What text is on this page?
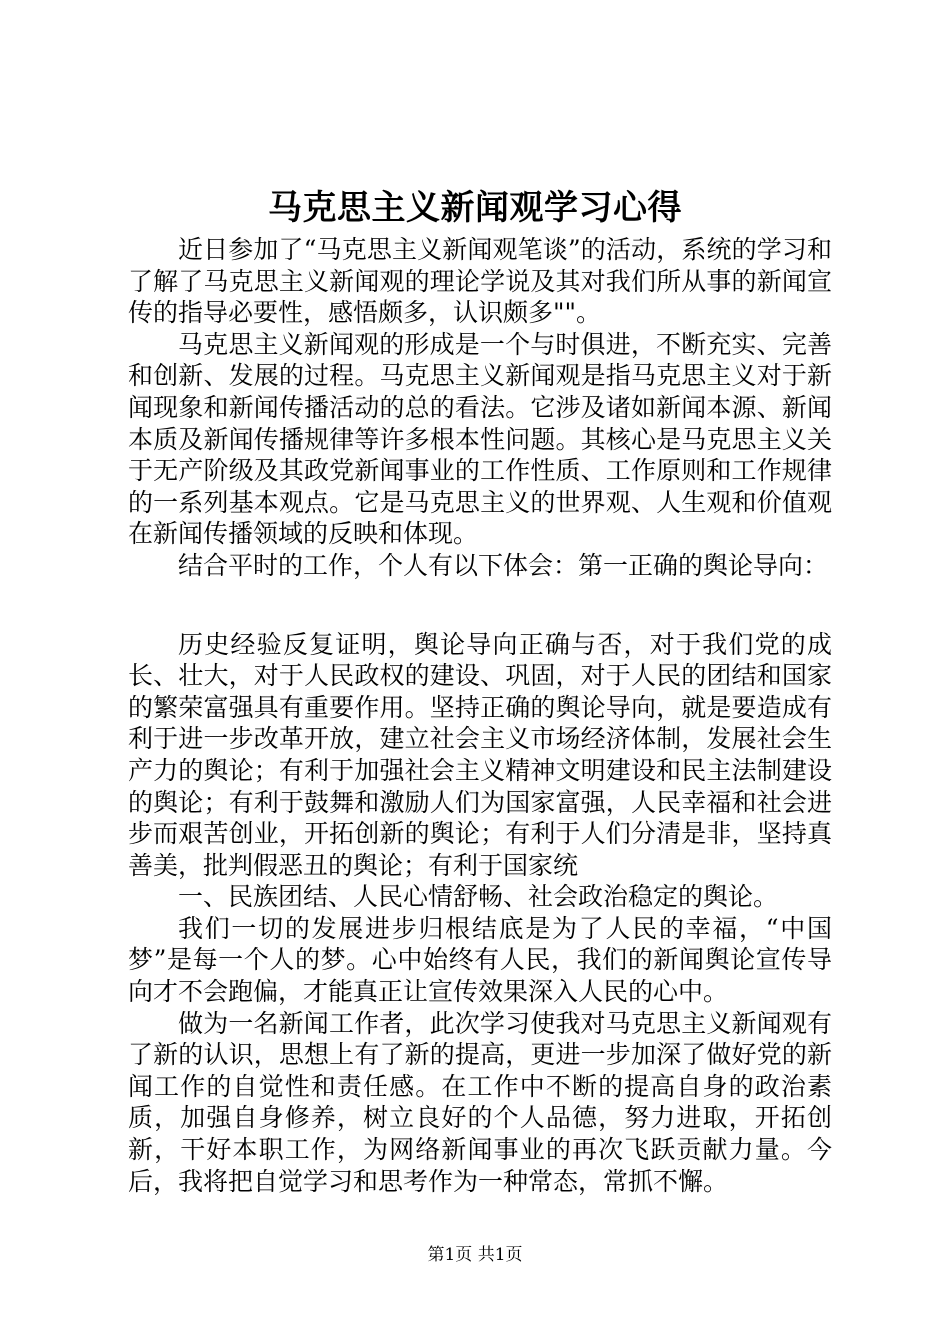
马克思主义新闻观学习心得

近日参加了“马克思主义新闻观笔谈”的活动，系统的学习和了解了马克思主义新闻观的理论学说及其对我们所从事的新闻宣传的指导必要性，感悟颇多，认识颇多""。

马克思主义新闻观的形成是一个与时俱进，不断充实、完善和创新、发展的过程。马克思主义新闻观是指马克思主义对于新闻现象和新闻传播活动的总的看法。它涉及诸如新闻本源、新闻本质及新闻传播规律等许多根本性问题。其核心是马克思主义关于无产阶级及其政党新闻事业的工作性质、工作原则和工作规律的一系列基本观点。它是马克思主义的世界观、人生观和价值观在新闻传播领域的反映和体现。

结合平时的工作，个人有以下体会：第一正确的舆论导向：

历史经验反复证明，舆论导向正确与否，对于我们党的成长、壮大，对于人民政权的建设、巩固，对于人民的团结和国家的繁荣富强具有重要作用。坚持正确的舆论导向，就是要造成有利于进一步改革开放，建立社会主义市场经济体制，发展社会生产力的舆论；有利于加强社会主义精神文明建设和民主法制建设的舆论；有利于鼓舞和激励人们为国家富强，人民幸福和社会进步而艰苦创业，开拓创新的舆论；有利于人们分清是非，坚持真善美，批判假恶丑的舆论；有利于国家统

一、民族团结、人民心情舒畅、社会政治稳定的舆论。

我们一切的发展进步归根结底是为了人民的幸福，“中国梦”是每一个人的梦。心中始终有人民，我们的新闻舆论宣传导向才不会跑偏，才能真正让宣传效果深入人民的心中。

做为一名新闻工作者，此次学习使我对马克思主义新闻观有了新的认识，思想上有了新的提高，更进一步加深了做好党的新闻工作的自觉性和责任感。在工作中不断的提高自身的政治素质，加强自身修养，树立良好的个人品德，努力进取，开拓创新，干好本职工作，为网络新闻事业的再次飞跃贡献力量。今后，我将把自觉学习和思考作为一种常态，常抓不懈。

第1页 共1页
